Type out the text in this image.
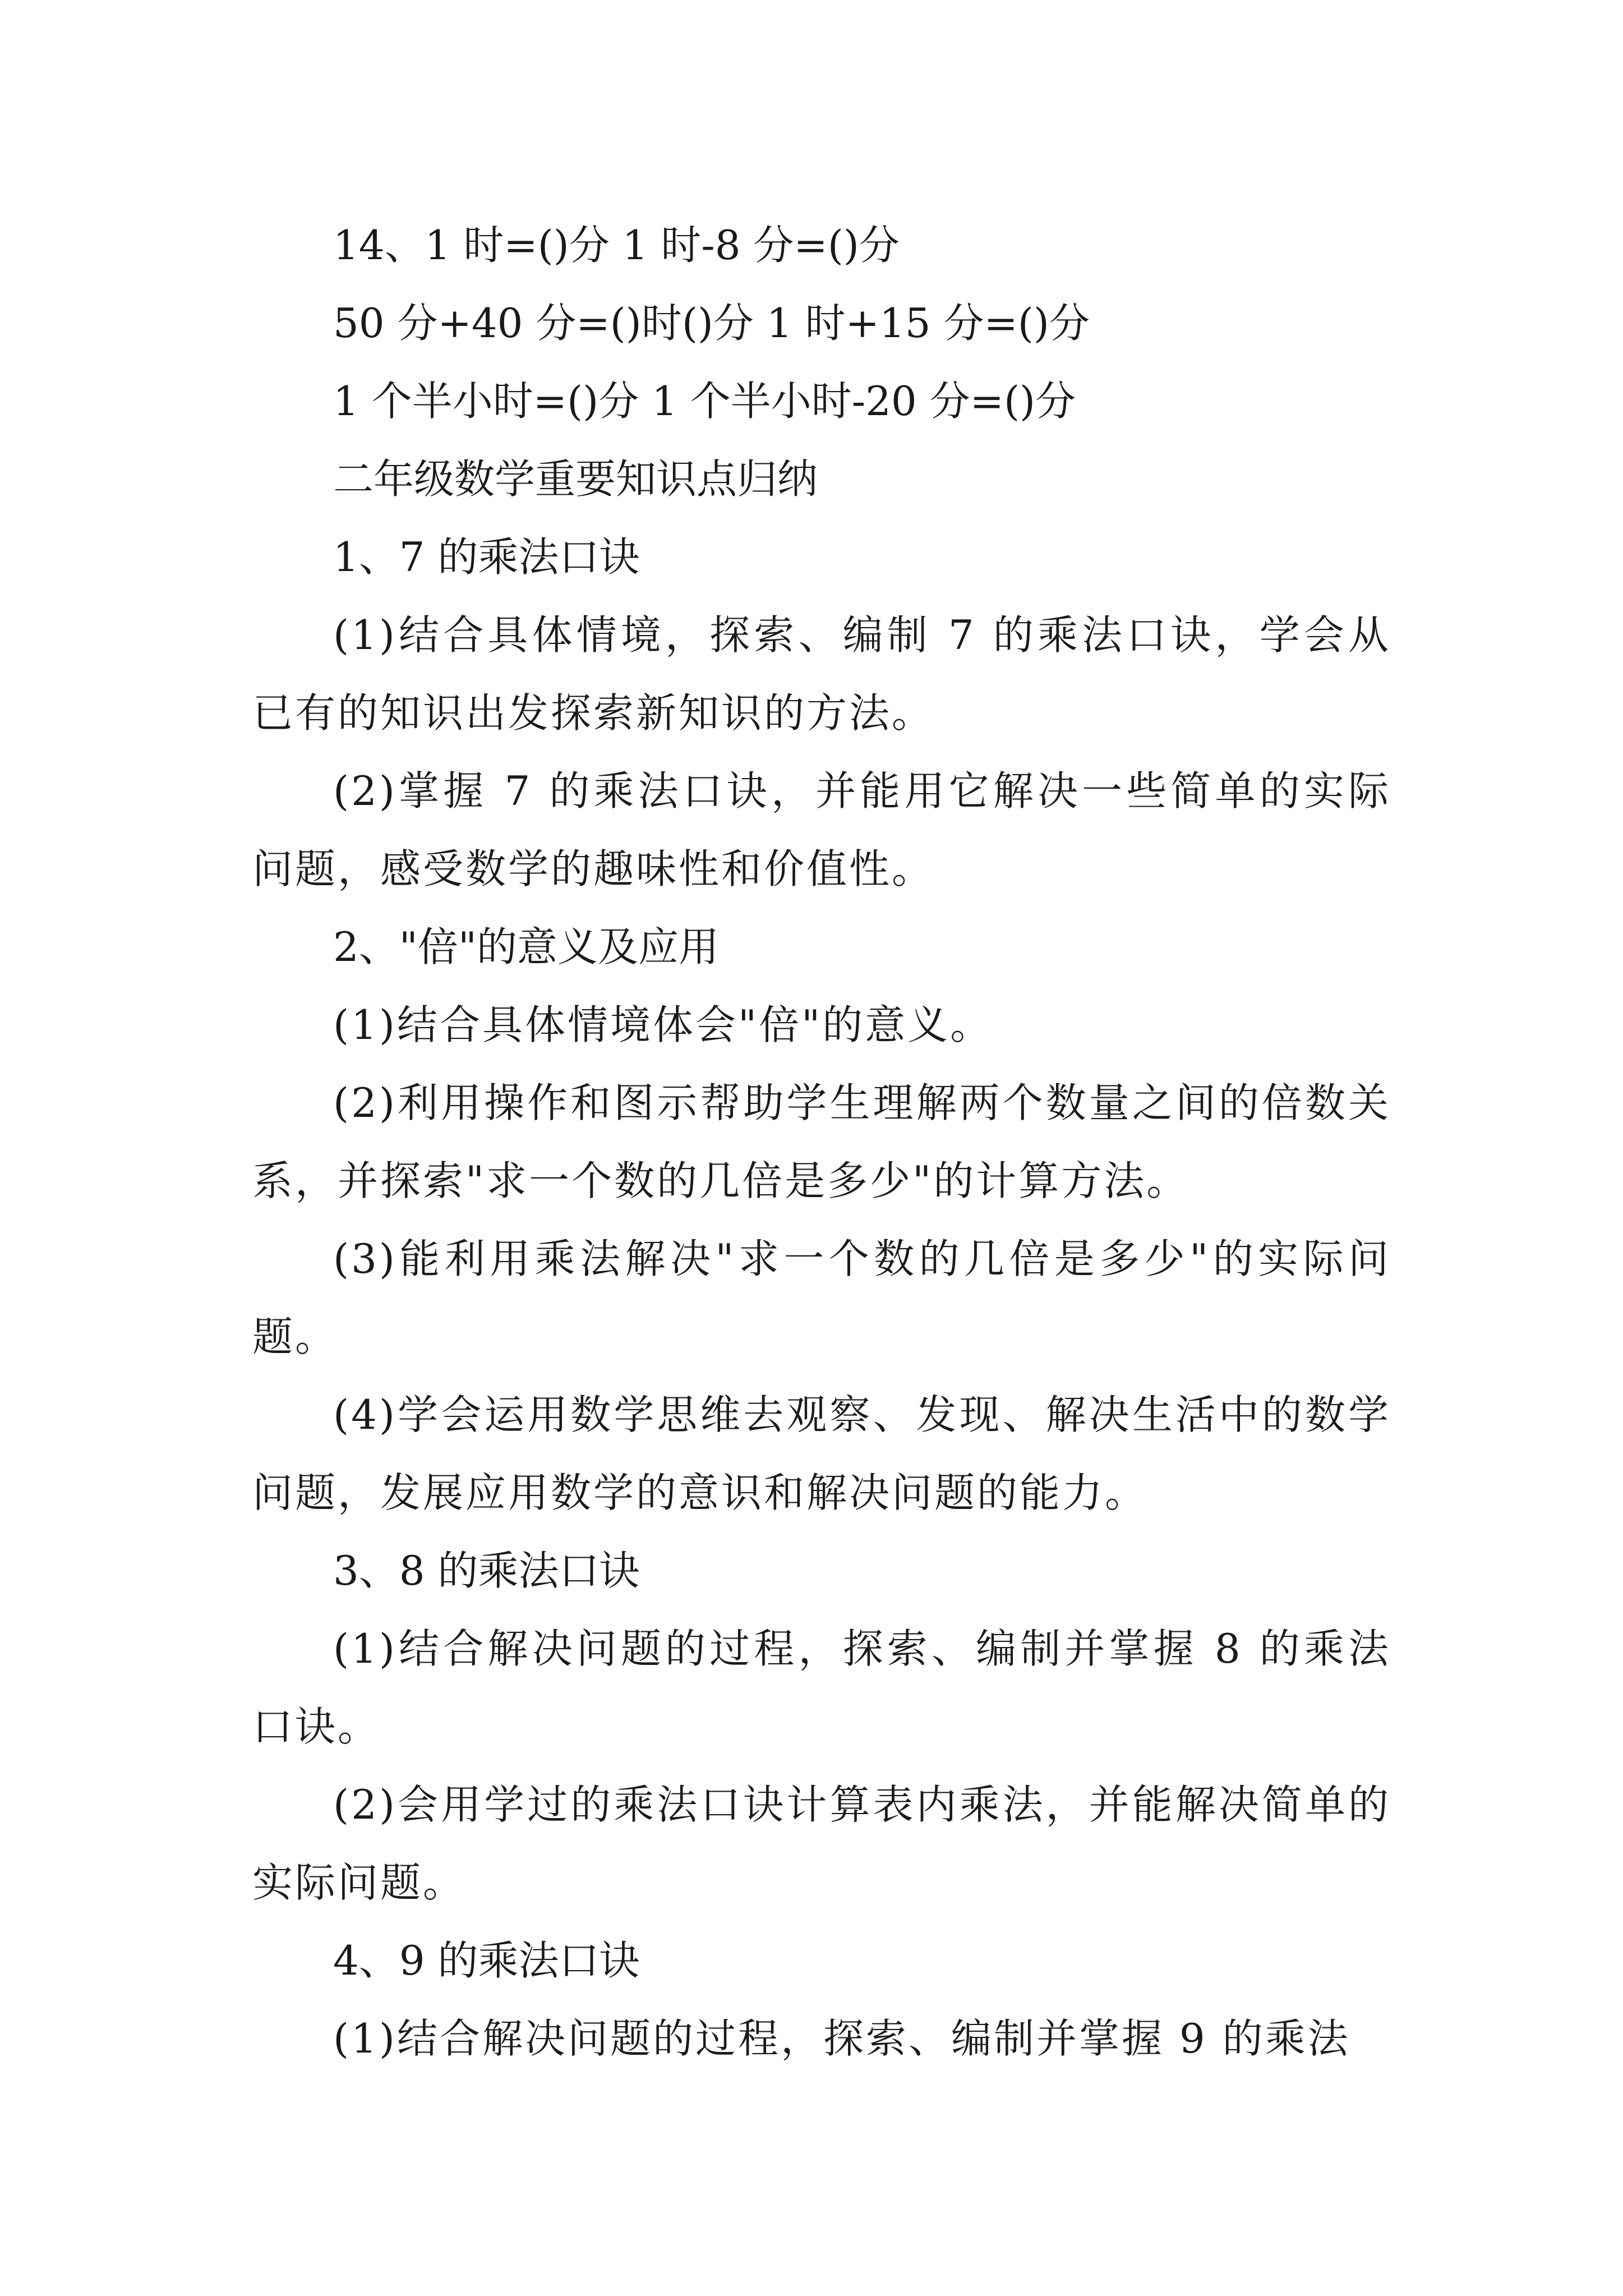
14、1 时=()分 1 时-8 分=()分

50 分+40 分=()时()分 1 时+15 分=()分

1 个半小时=()分 1 个半小时-20 分=()分

二年级数学重要知识点归纳

1、7 的乘法口诀

(1)结合具体情境，探索、编制 7 的乘法口诀，学会从已有的知识出发探索新知识的方法。

(2)掌握 7 的乘法口诀，并能用它解决一些简单的实际问题，感受数学的趣味性和价值性。

2、"倍"的意义及应用

(1)结合具体情境体会"倍"的意义。

(2)利用操作和图示帮助学生理解两个数量之间的倍数关系，并探索"求一个数的几倍是多少"的计算方法。

(3)能利用乘法解决"求一个数的几倍是多少"的实际问题。

(4)学会运用数学思维去观察、发现、解决生活中的数学问题，发展应用数学的意识和解决问题的能力。

3、8 的乘法口诀

(1)结合解决问题的过程，探索、编制并掌握 8 的乘法口诀。

(2)会用学过的乘法口诀计算表内乘法，并能解决简单的实际问题。

4、9 的乘法口诀

(1)结合解决问题的过程，探索、编制并掌握 9 的乘法
